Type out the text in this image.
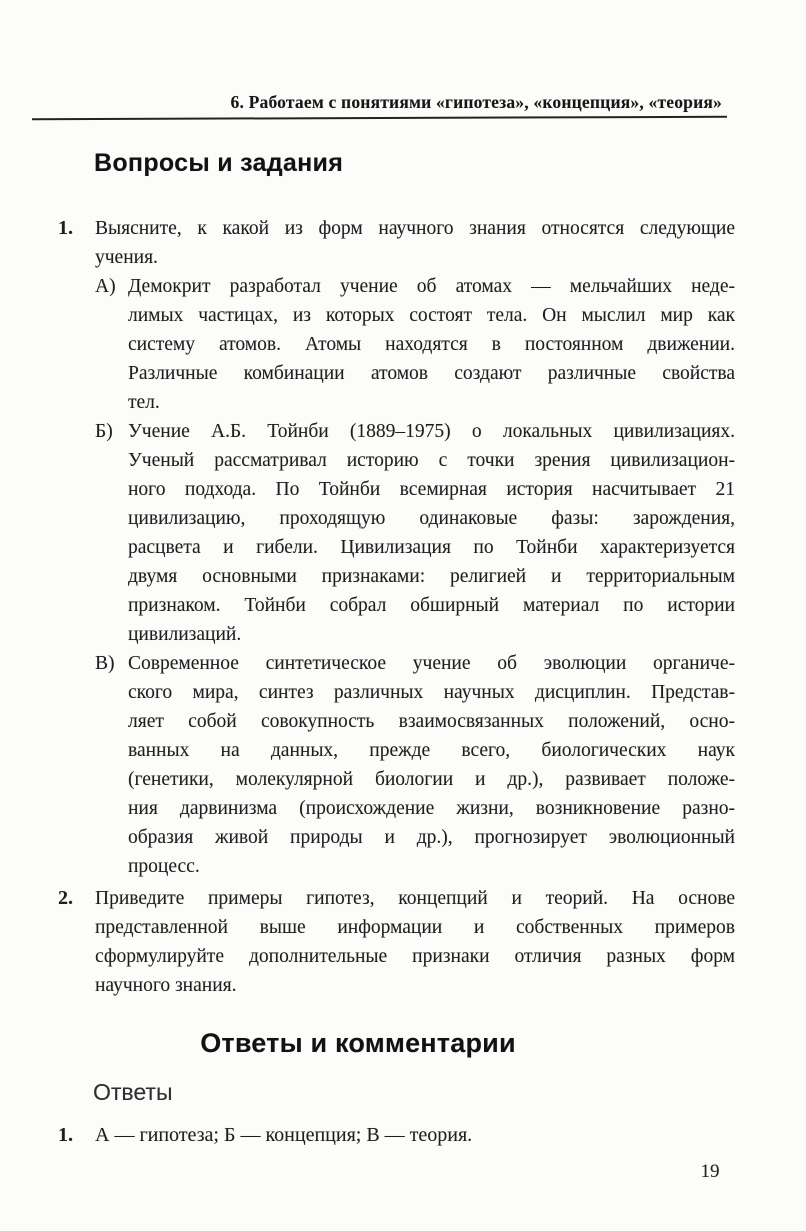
6. Работаем с понятиями «гипотеза», «концепция», «теория»
Вопросы и задания
1.	Выясните, к какой из форм научного знания относятся следующие
учения.
А) Демокрит разработал учение об атомах — мельчайших неде-
лимых частицах, из которых состоят тела. Он мыслил мир как
систему атомов. Атомы находятся в постоянном движении.
Различные комбинации атомов создают различные свойства
тел.
Б) Учение А.Б. Тойнби (1889–1975) о локальных цивилизациях.
Ученый рассматривал историю с точки зрения цивилизацион-
ного подхода. По Тойнби всемирная история насчитывает 21
цивилизацию, проходящую одинаковые фазы: зарождения,
расцвета и гибели. Цивилизация по Тойнби характеризуется
двумя основными признаками: религией и территориальным
признаком. Тойнби собрал обширный материал по истории
цивилизаций.
В) Современное синтетическое учение об эволюции органиче-
ского мира, синтез различных научных дисциплин. Представ-
ляет собой совокупность взаимосвязанных положений, осно-
ванных на данных, прежде всего, биологических наук
(генетики, молекулярной биологии и др.), развивает положе-
ния дарвинизма (происхождение жизни, возникновение разно-
образия живой природы и др.), прогнозирует эволюционный
процесс.
2.	Приведите примеры гипотез, концепций и теорий. На основе
представленной выше информации и собственных примеров
сформулируйте дополнительные признаки отличия разных форм
научного знания.
Ответы и комментарии
Ответы
1.	А — гипотеза; Б — концепция; В — теория.
19
